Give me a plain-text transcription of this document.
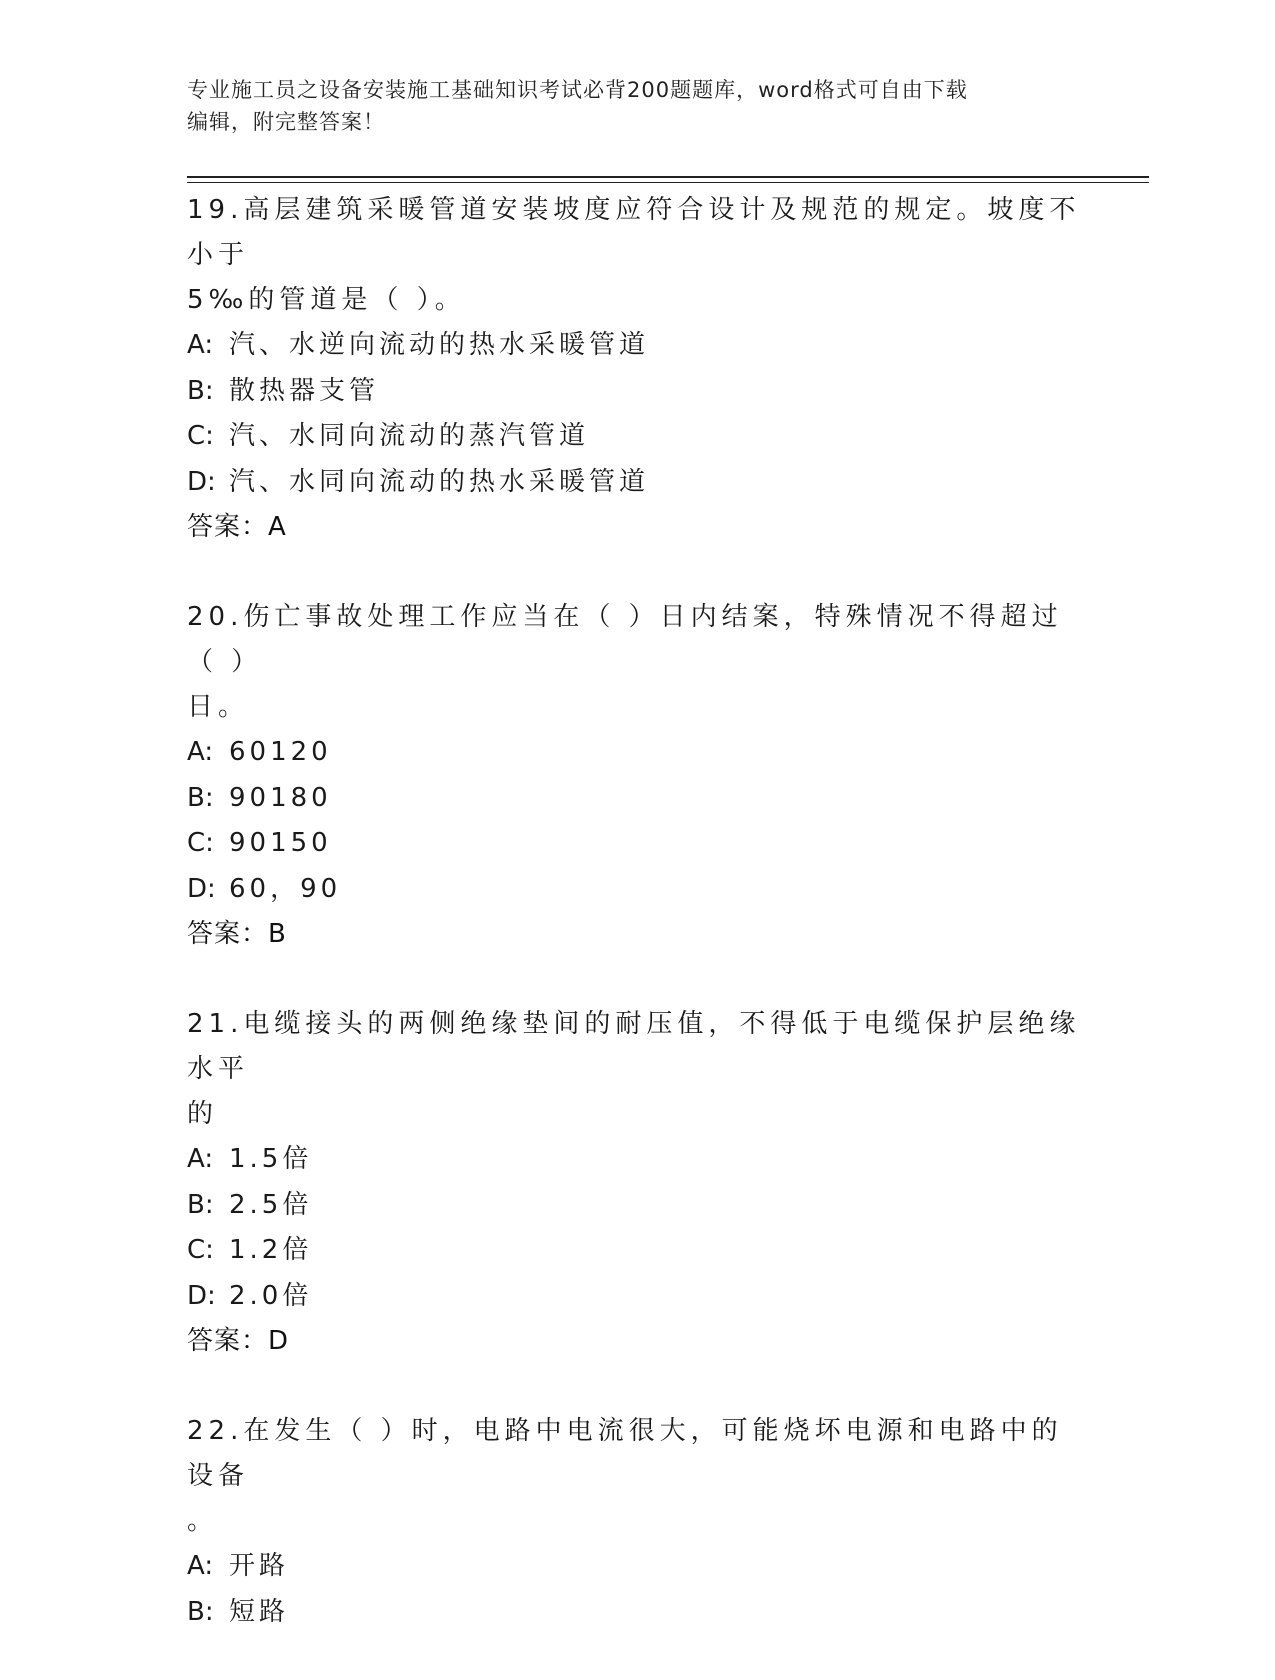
专业施工员之设备安装施工基础知识考试必背200题题库，word格式可自由下载
编辑，附完整答案！

19.高层建筑采暖管道安装坡度应符合设计及规范的规定。坡度不小于

5‰的管道是（ ）。

A: 汽、水逆向流动的热水采暖管道

B: 散热器支管

C: 汽、水同向流动的蒸汽管道

D: 汽、水同向流动的热水采暖管道

答案：A

20.伤亡事故处理工作应当在（ ）日内结案，特殊情况不得超过（ ）

日。

A: 60120

B: 90180

C: 90150

D: 60，90

答案：B

21.电缆接头的两侧绝缘垫间的耐压值，不得低于电缆保护层绝缘水平

的

A: 1.5倍

B: 2.5倍

C: 1.2倍

D: 2.0倍

答案：D

22.在发生（ ）时，电路中电流很大，可能烧坏电源和电路中的设备

。

A: 开路

B: 短路
